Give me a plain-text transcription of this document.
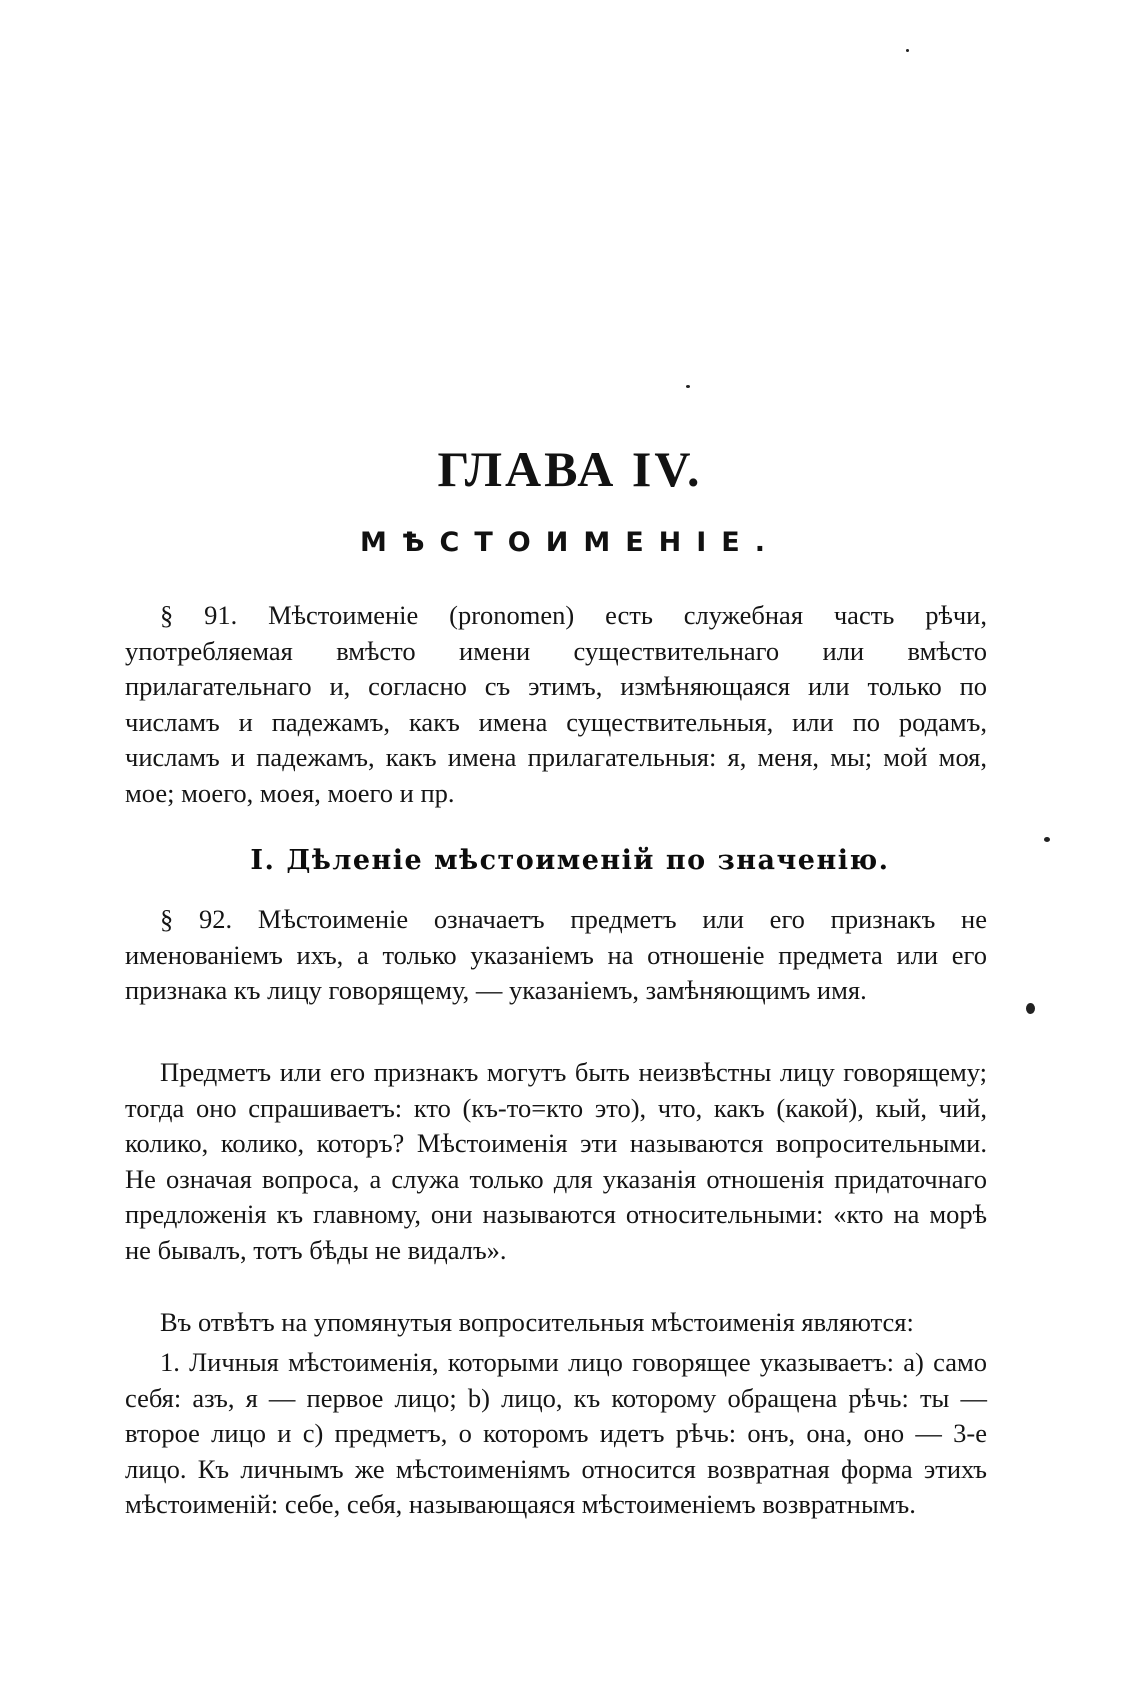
ГЛАВА IV.
МѢСТОИМЕНІЕ.

§ 91. Мѣстоименіе (pronomen) есть служебная часть рѣчи, употребляемая вмѣсто имени существительнаго или вмѣсто прилагательнаго и, согласно съ этимъ, измѣняющаяся или только по числамъ и падежамъ, какъ имена существительныя, или по родамъ, числамъ и падежамъ, какъ имена прилагательныя: я, меня, мы; мой моя, мое; моего, моея, моего и пр.

I. Дѣленіе мѣстоименій по значенію.

§ 92. Мѣстоименіе означаетъ предметъ или его признакъ не именованіемъ ихъ, а только указаніемъ на отношеніе предмета или его признака къ лицу говорящему, — указаніемъ, замѣняющимъ имя.

Предметъ или его признакъ могутъ быть неизвѣстны лицу говорящему; тогда оно спрашиваетъ: кто (къ-то=кто это), что, какъ (какой), кый, чий, колико, колико, которъ? Мѣстоименія эти называются вопросительными. Не означая вопроса, а служа только для указанія отношенія придаточнаго предложенія къ главному, они называются относительными: «кто на морѣ не бывалъ, тотъ бѣды не видалъ».

Въ отвѣтъ на упомянутыя вопросительныя мѣстоименія являются:

1. Личныя мѣстоименія, которыми лицо говорящее указываетъ: a) само себя: азъ, я — первое лицо; b) лицо, къ которому обращена рѣчь: ты — второе лицо и c) предметъ, о которомъ идетъ рѣчь: онъ, она, оно — 3-е лицо. Къ личнымъ же мѣстоименіямъ относится возвратная форма этихъ мѣстоименій: себе, себя, называющаяся мѣстоименіемъ возвратнымъ.
